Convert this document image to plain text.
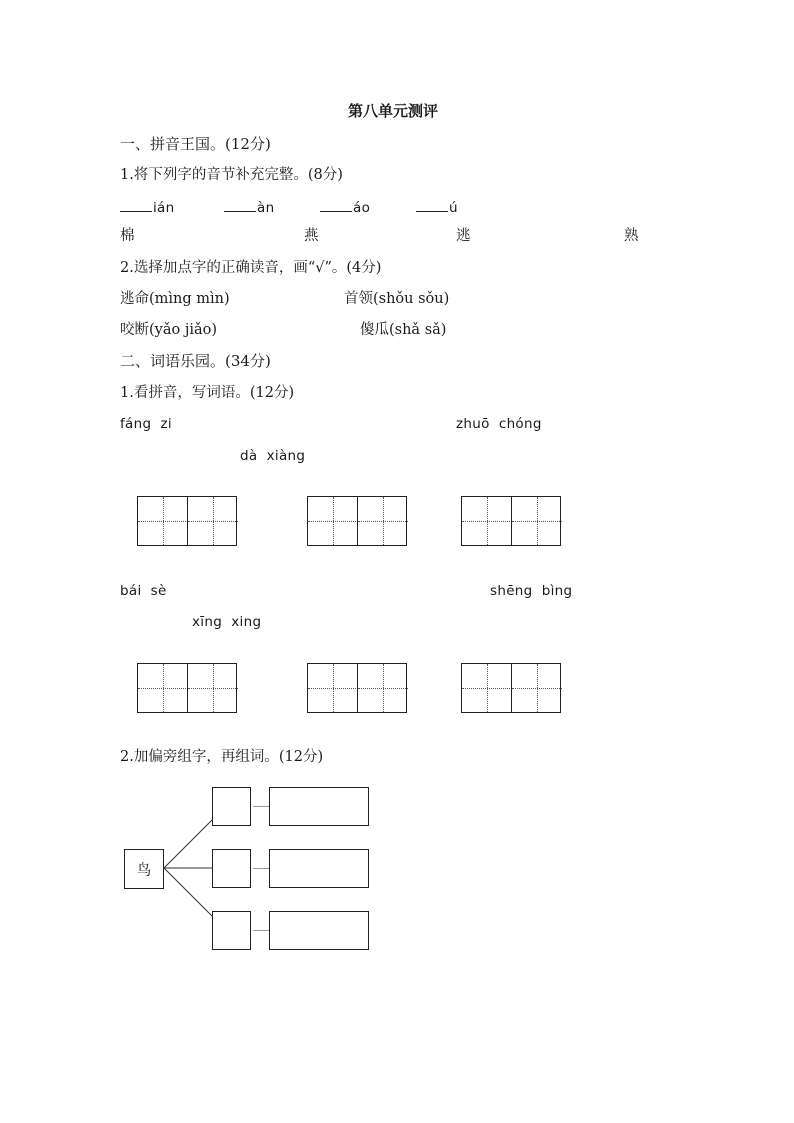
第八单元测评
一、拼音王国。(12分)
1.将下列字的音节补充完整。(8分)
ián	àn	áo	ú
棉	燕	逃	熟
2.选择加点字的正确读音，画“√”。(4分)
逃命(mìng mìn)	首领(shǒu sǒu)
咬断(yǎo jiǎo)	傻瓜(shǎ sǎ)
二、词语乐园。(34分)
1.看拼音，写词语。(12分)
fáng  zi	zhuō  chóng
dà  xiàng
bái  sè	shēng  bìng
xīng  xing
2.加偏旁组字，再组词。(12分)
鸟
